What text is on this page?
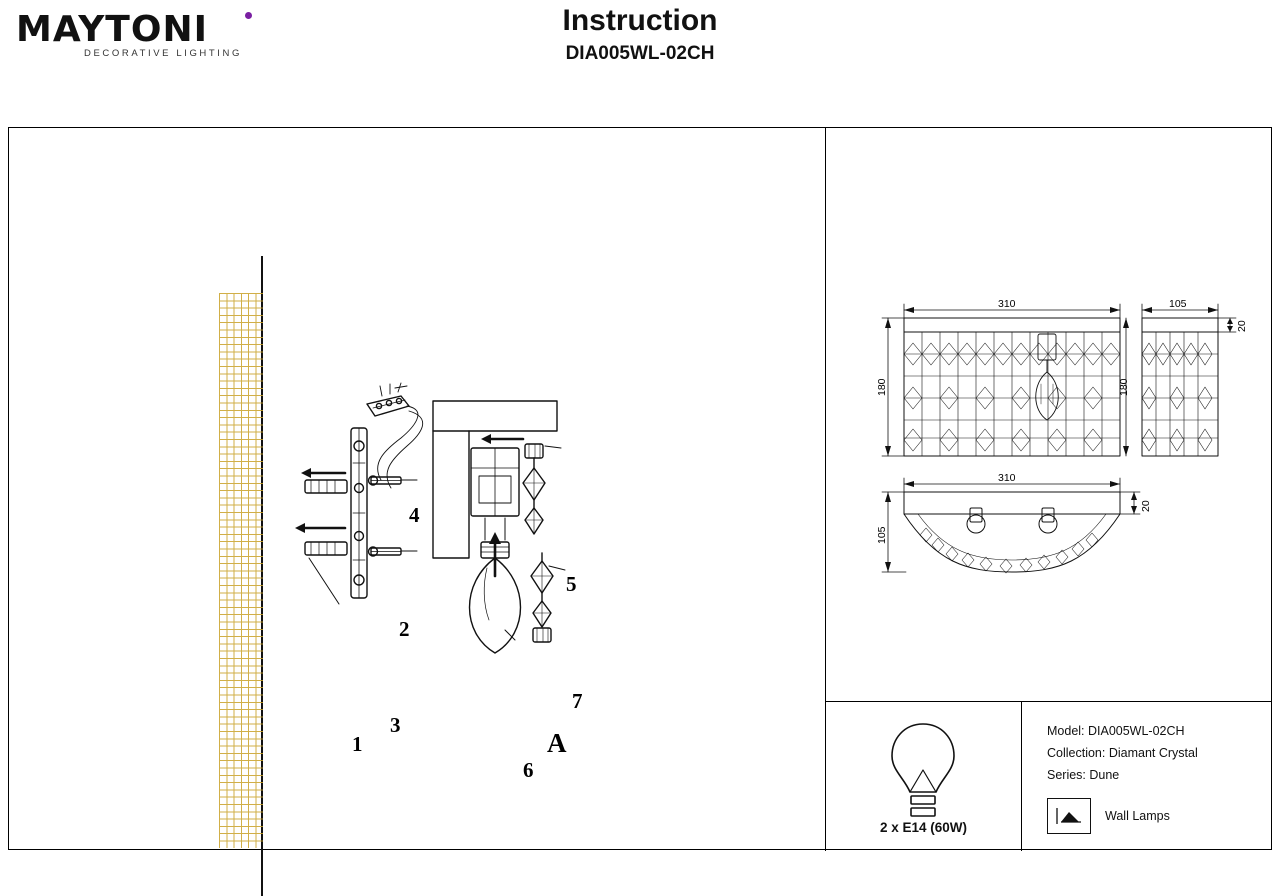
MAYTONI
DECORATIVE LIGHTING
Instruction
DIA005WL-02CH
1
2
3
4
5
6
7
A
310
180
105
180
20
310
105
20
2 x E14 (60W)
Model: DIA005WL-02CH
Collection: Diamant Crystal
Series: Dune
Wall Lamps
